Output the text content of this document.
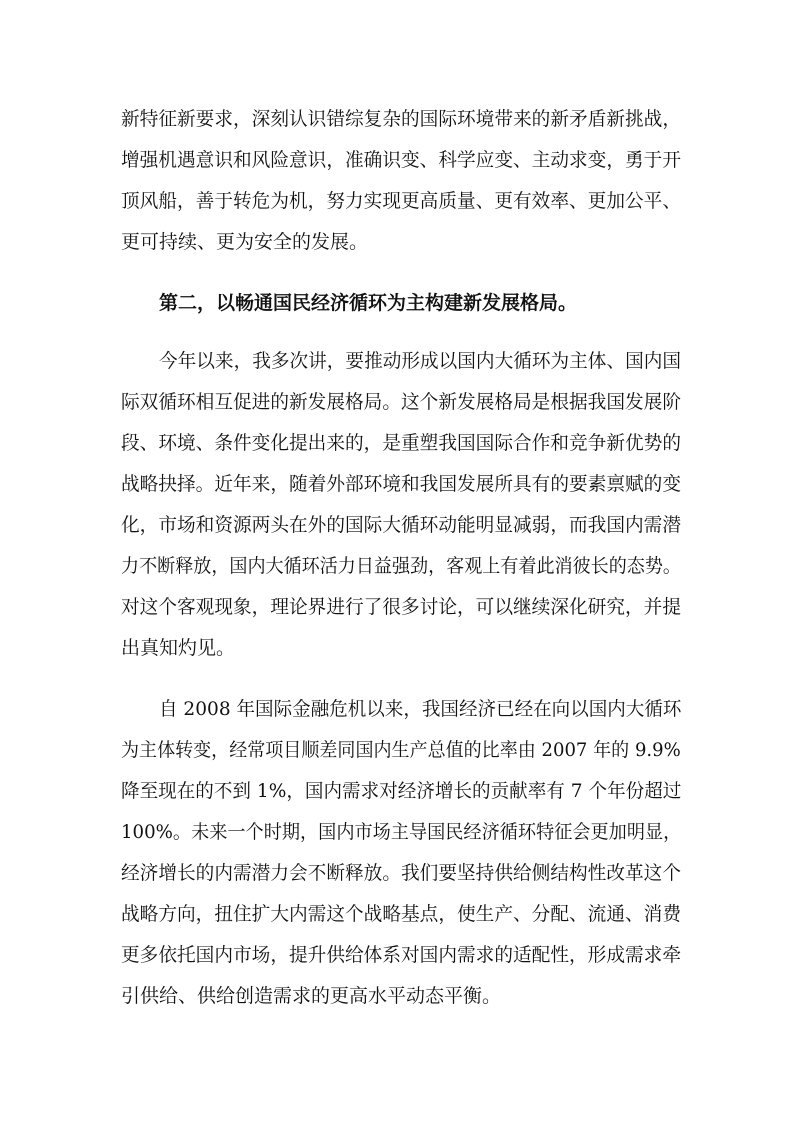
新特征新要求，深刻认识错综复杂的国际环境带来的新矛盾新挑战，
增强机遇意识和风险意识，准确识变、科学应变、主动求变，勇于开
顶风船，善于转危为机，努力实现更高质量、更有效率、更加公平、
更可持续、更为安全的发展。
第二，以畅通国民经济循环为主构建新发展格局。
今年以来，我多次讲，要推动形成以国内大循环为主体、国内国
际双循环相互促进的新发展格局。这个新发展格局是根据我国发展阶
段、环境、条件变化提出来的，是重塑我国国际合作和竞争新优势的
战略抉择。近年来，随着外部环境和我国发展所具有的要素禀赋的变
化，市场和资源两头在外的国际大循环动能明显减弱，而我国内需潜
力不断释放，国内大循环活力日益强劲，客观上有着此消彼长的态势。
对这个客观现象，理论界进行了很多讨论，可以继续深化研究，并提
出真知灼见。
自 2008 年国际金融危机以来，我国经济已经在向以国内大循环
为主体转变，经常项目顺差同国内生产总值的比率由 2007 年的 9.9%
降至现在的不到 1%，国内需求对经济增长的贡献率有 7 个年份超过
100%。未来一个时期，国内市场主导国民经济循环特征会更加明显，
经济增长的内需潜力会不断释放。我们要坚持供给侧结构性改革这个
战略方向，扭住扩大内需这个战略基点，使生产、分配、流通、消费
更多依托国内市场，提升供给体系对国内需求的适配性，形成需求牵
引供给、供给创造需求的更高水平动态平衡。
